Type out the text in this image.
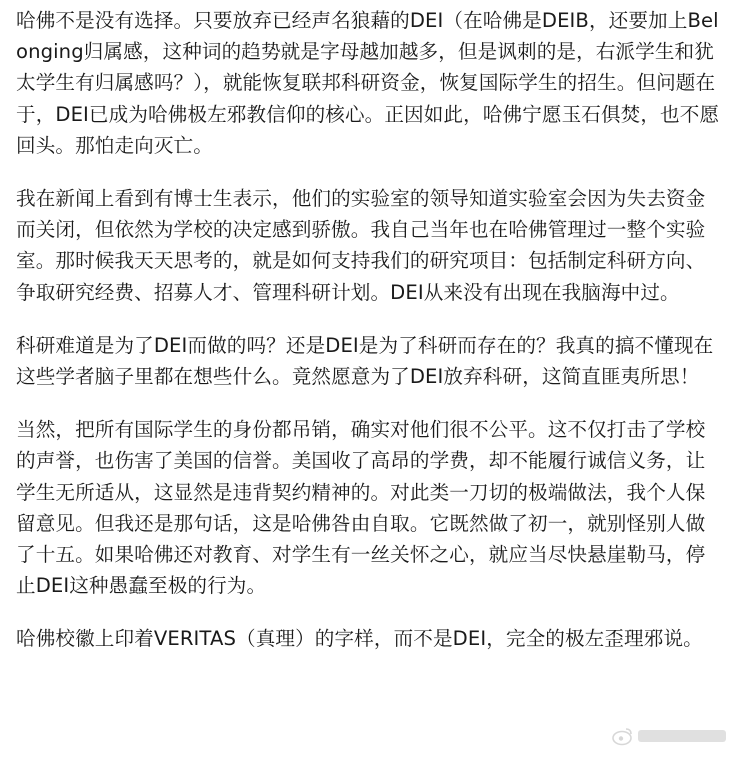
哈佛不是没有选择。只要放弃已经声名狼藉的DEI（在哈佛是DEIB，还要加上Belonging归属感，这种词的趋势就是字母越加越多，但是讽刺的是，右派学生和犹太学生有归属感吗？），就能恢复联邦科研资金，恢复国际学生的招生。但问题在于，DEI已成为哈佛极左邪教信仰的核心。正因如此，哈佛宁愿玉石俱焚，也不愿回头。那怕走向灭亡。

我在新闻上看到有博士生表示，他们的实验室的领导知道实验室会因为失去资金而关闭，但依然为学校的决定感到骄傲。我自己当年也在哈佛管理过一整个实验室。那时候我天天思考的，就是如何支持我们的研究项目：包括制定科研方向、争取研究经费、招募人才、管理科研计划。DEI从来没有出现在我脑海中过。

科研难道是为了DEI而做的吗？还是DEI是为了科研而存在的？我真的搞不懂现在这些学者脑子里都在想些什么。竟然愿意为了DEI放弃科研，这简直匪夷所思！

当然，把所有国际学生的身份都吊销，确实对他们很不公平。这不仅打击了学校的声誉，也伤害了美国的信誉。美国收了高昂的学费，却不能履行诚信义务，让学生无所适从，这显然是违背契约精神的。对此类一刀切的极端做法，我个人保留意见。但我还是那句话，这是哈佛咎由自取。它既然做了初一，就别怪别人做了十五。如果哈佛还对教育、对学生有一丝关怀之心，就应当尽快悬崖勒马，停止DEI这种愚蠢至极的行为。

哈佛校徽上印着VERITAS（真理）的字样，而不是DEI，完全的极左歪理邪说。
